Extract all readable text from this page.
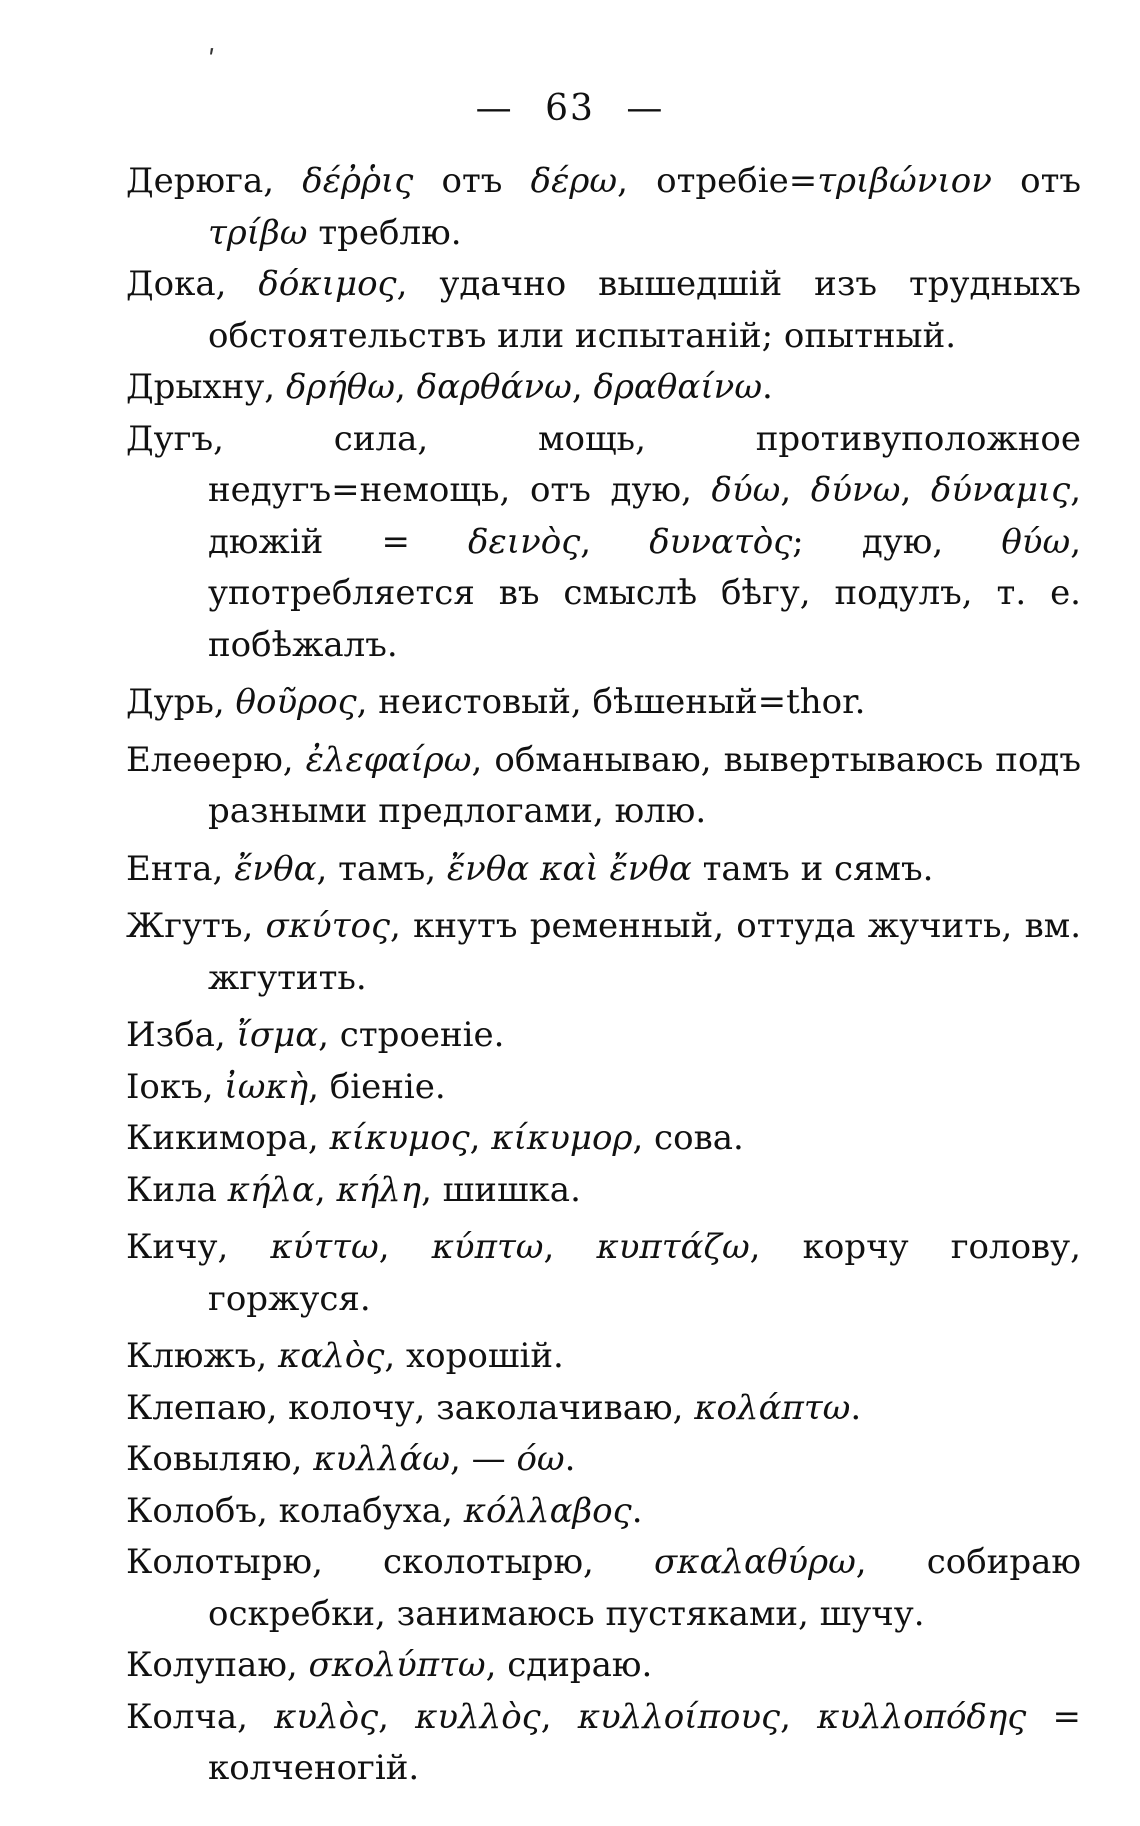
ʹ
— 63 —
Дерюга, δέῤῥις отъ δέρω, отребіе=τριβώνιον отъ τρίβω треблю.
Дока, δόκιμος, удачно вышедшій изъ трудныхъ обстоятельствъ или испытаній; опытный.
Дрыхну, δρήθω, δαρθάνω, δραθαίνω.
Дугъ, сила, мощь, противуположное недугъ=немощь, отъ дую, δύω, δύνω, δύναμις, дюжій = δεινὸς, δυνατὸς; дую, θύω, употребляется въ смыслѣ бѣгу, подулъ, т. е. побѣжалъ.
Дурь, θοῦρος, неистовый, бѣшеный=thor.
Елеѳерю, ἐλεφαίρω, обманываю, вывертываюсь подъ разными предлогами, юлю.
Ента, ἔνθα, тамъ, ἔνθα καὶ ἔνθα тамъ и сямъ.
Жгутъ, σκύτος, кнутъ ременный, оттуда жучить, вм. жгутить.
Изба, ἴσμα, строеніе.
Іокъ, ἰωκὴ, біеніе.
Кикимора, κίκυμος, κίκυμορ, сова.
Кила κήλα, κήλη, шишка.
Кичу, κύττω, κύπτω, κυπτάζω, корчу голову, горжуся.
Клюжъ, καλὸς, хорошій.
Клепаю, колочу, заколачиваю, κολάπτω.
Ковыляю, κυλλάω, — όω.
Колобъ, колабуха, κόλλαβος.
Колотырю, сколотырю, σκαλαθύρω, собираю оскребки, занимаюсь пустяками, шучу.
Колупаю, σκολύπτω, сдираю.
Колча, κυλὸς, κυλλὸς, κυλλοίπους, κυλλοπόδης = колченогій.
